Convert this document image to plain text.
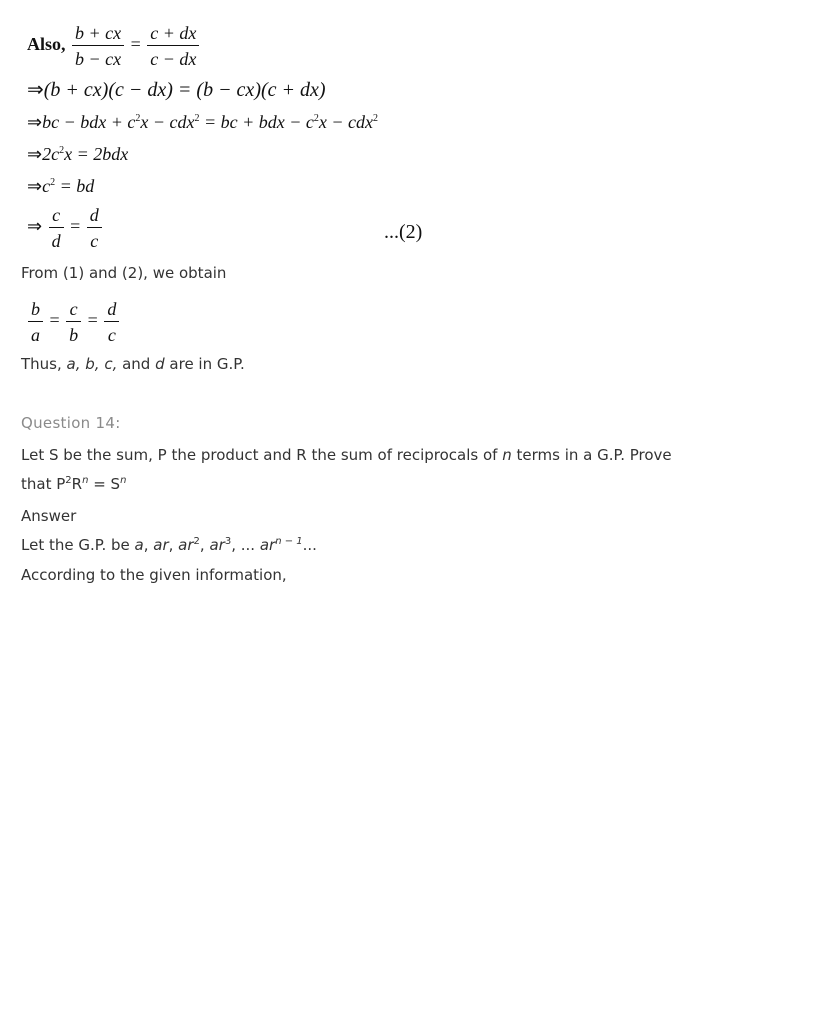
Also, $\frac{b + cx}{b - cx} = \frac{c + dx}{c - dx}$
⇒(b + cx)(c − dx) = (b − cx)(c + dx)
⇒bc − bdx + $c^2x - cdx^2$ = bc + bdx − $c^2x - cdx^2$
$\Rightarrow 2c^2x = 2bdx$
$\Rightarrow c^2$ = bd
⇒ $\frac{c}{d} = \frac{d}{c}$	...(2)
From (1) and (2), we obtain
$\frac{b}{a} = \frac{c}{b} = \frac{d}{c}$
Thus, a, b, c, and d are in G.P.
Question 14:
Let S be the sum, P the product and R the sum of reciprocals of n terms in a G.P. Prove
that $P^2R^n = S^n$
Answer
Let the G.P. be a, ar, $ar^2$, $ar^3$, ... $ar^{n - 1}$...
According to the given information,
